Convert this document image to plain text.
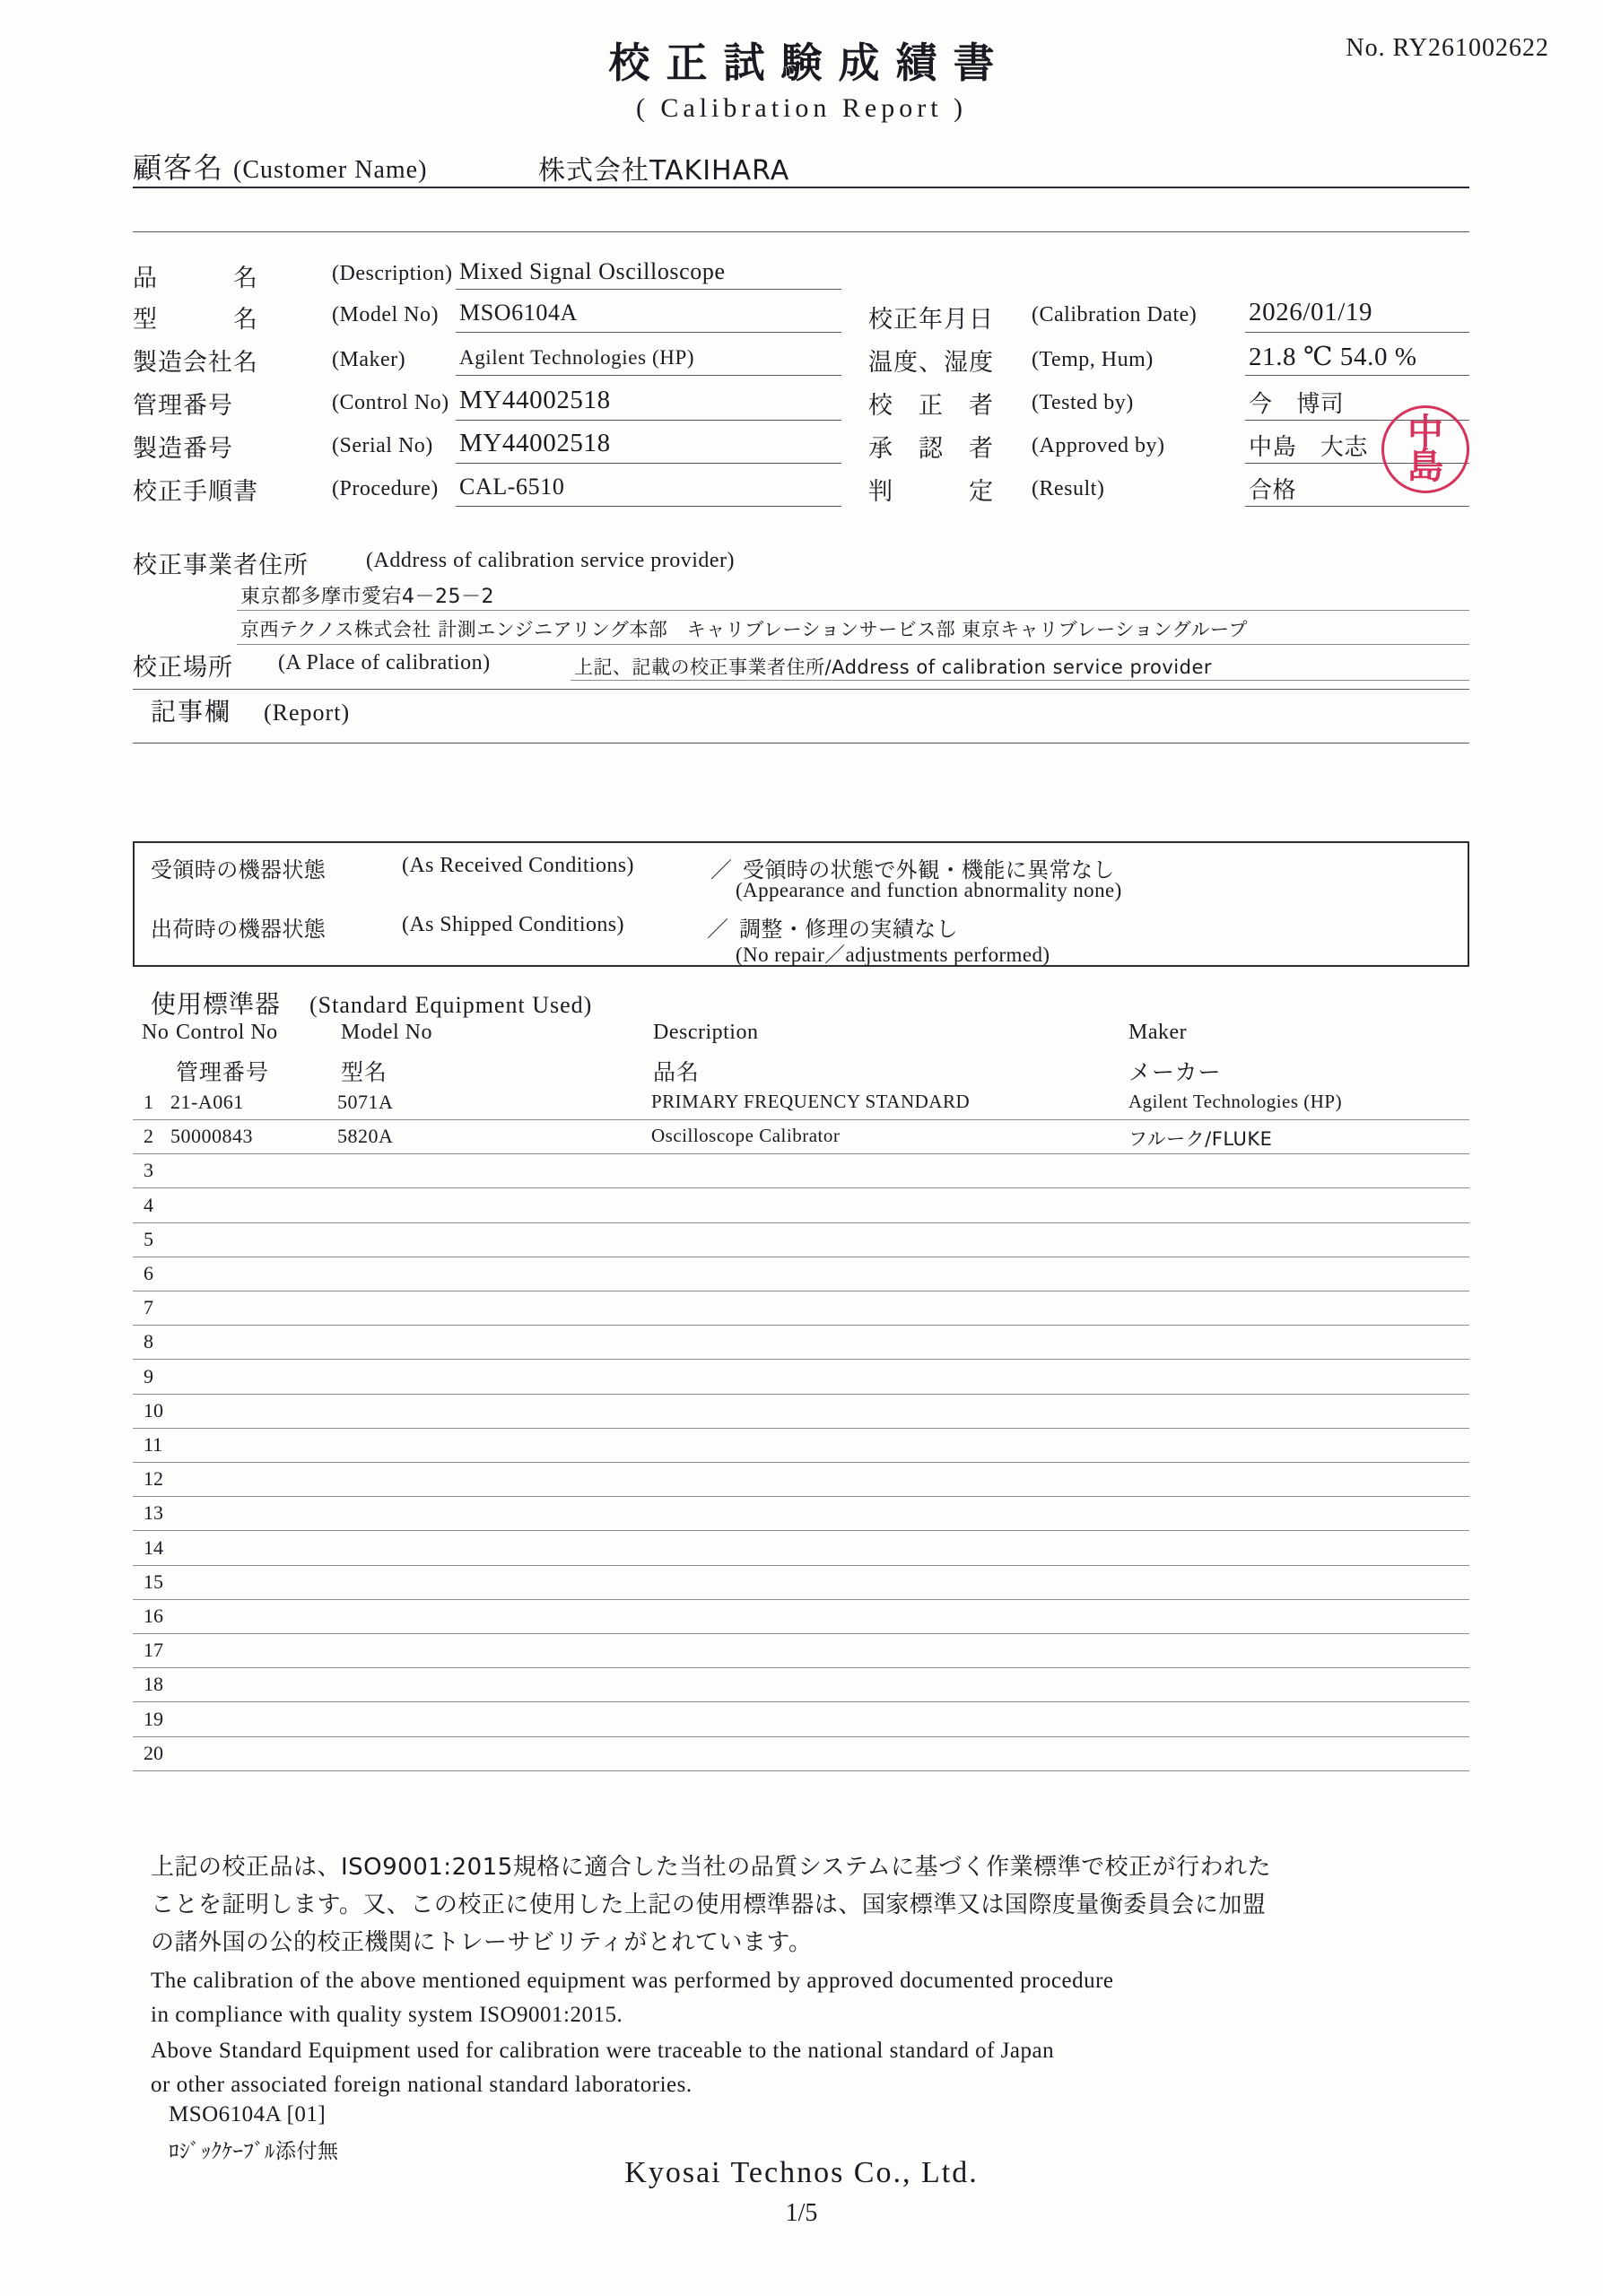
校正試験成績書
( Calibration Report )
No. RY261002622
顧客名 (Customer Name)	株式会社TAKIHARA
品　　　名	(Description) Mixed Signal Oscilloscope
型　　　名	(Model No) MSO6104A
製造会社名	(Maker)	Agilent Technologies (HP)
管理番号	(Control No) MY44002518
製造番号	(Serial No) MY44002518
校正手順書	(Procedure) CAL-6510
校正年月日 (Calibration Date) 2026/01/19
温度、湿度 (Temp, Hum)	21.8 ℃ 54.0 %
校　正　者 (Tested by)	今　博司
承　認　者 (Approved by)	中島　大志
判　　　定 (Result)	合格
中
島
校正事業者住所	(Address of calibration service provider)
東京都多摩市愛宕4－25－2
京西テクノス株式会社 計測エンジニアリング本部　キャリブレーションサービス部 東京キャリブレーショングループ
校正場所 (A Place of calibration)	上記、記載の校正事業者住所/Address of calibration service provider
記事欄 (Report)
受領時の機器状態	(As Received Conditions)	／ 受領時の状態で外観・機能に異常なし
(Appearance and function abnormality none)
出荷時の機器状態	(As Shipped Conditions)	／ 調整・修理の実績なし
(No repair／adjustments performed)
使用標準器 (Standard Equipment Used)
No Control No	Model No	Description	Maker
管理番号	型名	品名	メーカー
1 21-A061	5071A	PRIMARY FREQUENCY STANDARD	Agilent Technologies (HP)
2 50000843	5820A	Oscilloscope Calibrator	フルーク/FLUKE
3
4
5
6
7
8
9
10
11
12
13
14
15
16
17
18
19
20
上記の校正品は、ISO9001:2015規格に適合した当社の品質システムに基づく作業標準で校正が行われた
ことを証明します。又、この校正に使用した上記の使用標準器は、国家標準又は国際度量衡委員会に加盟
の諸外国の公的校正機関にトレーサビリティがとれています。
The calibration of the above mentioned equipment was performed by approved documented procedure
in compliance with quality system ISO9001:2015.
Above Standard Equipment used for calibration were traceable to the national standard of Japan
or other associated foreign national standard laboratories.
MSO6104A [01]
ﾛｼﾞｯｸｹｰﾌﾞﾙ添付無
Kyosai Technos Co., Ltd.
1/5
